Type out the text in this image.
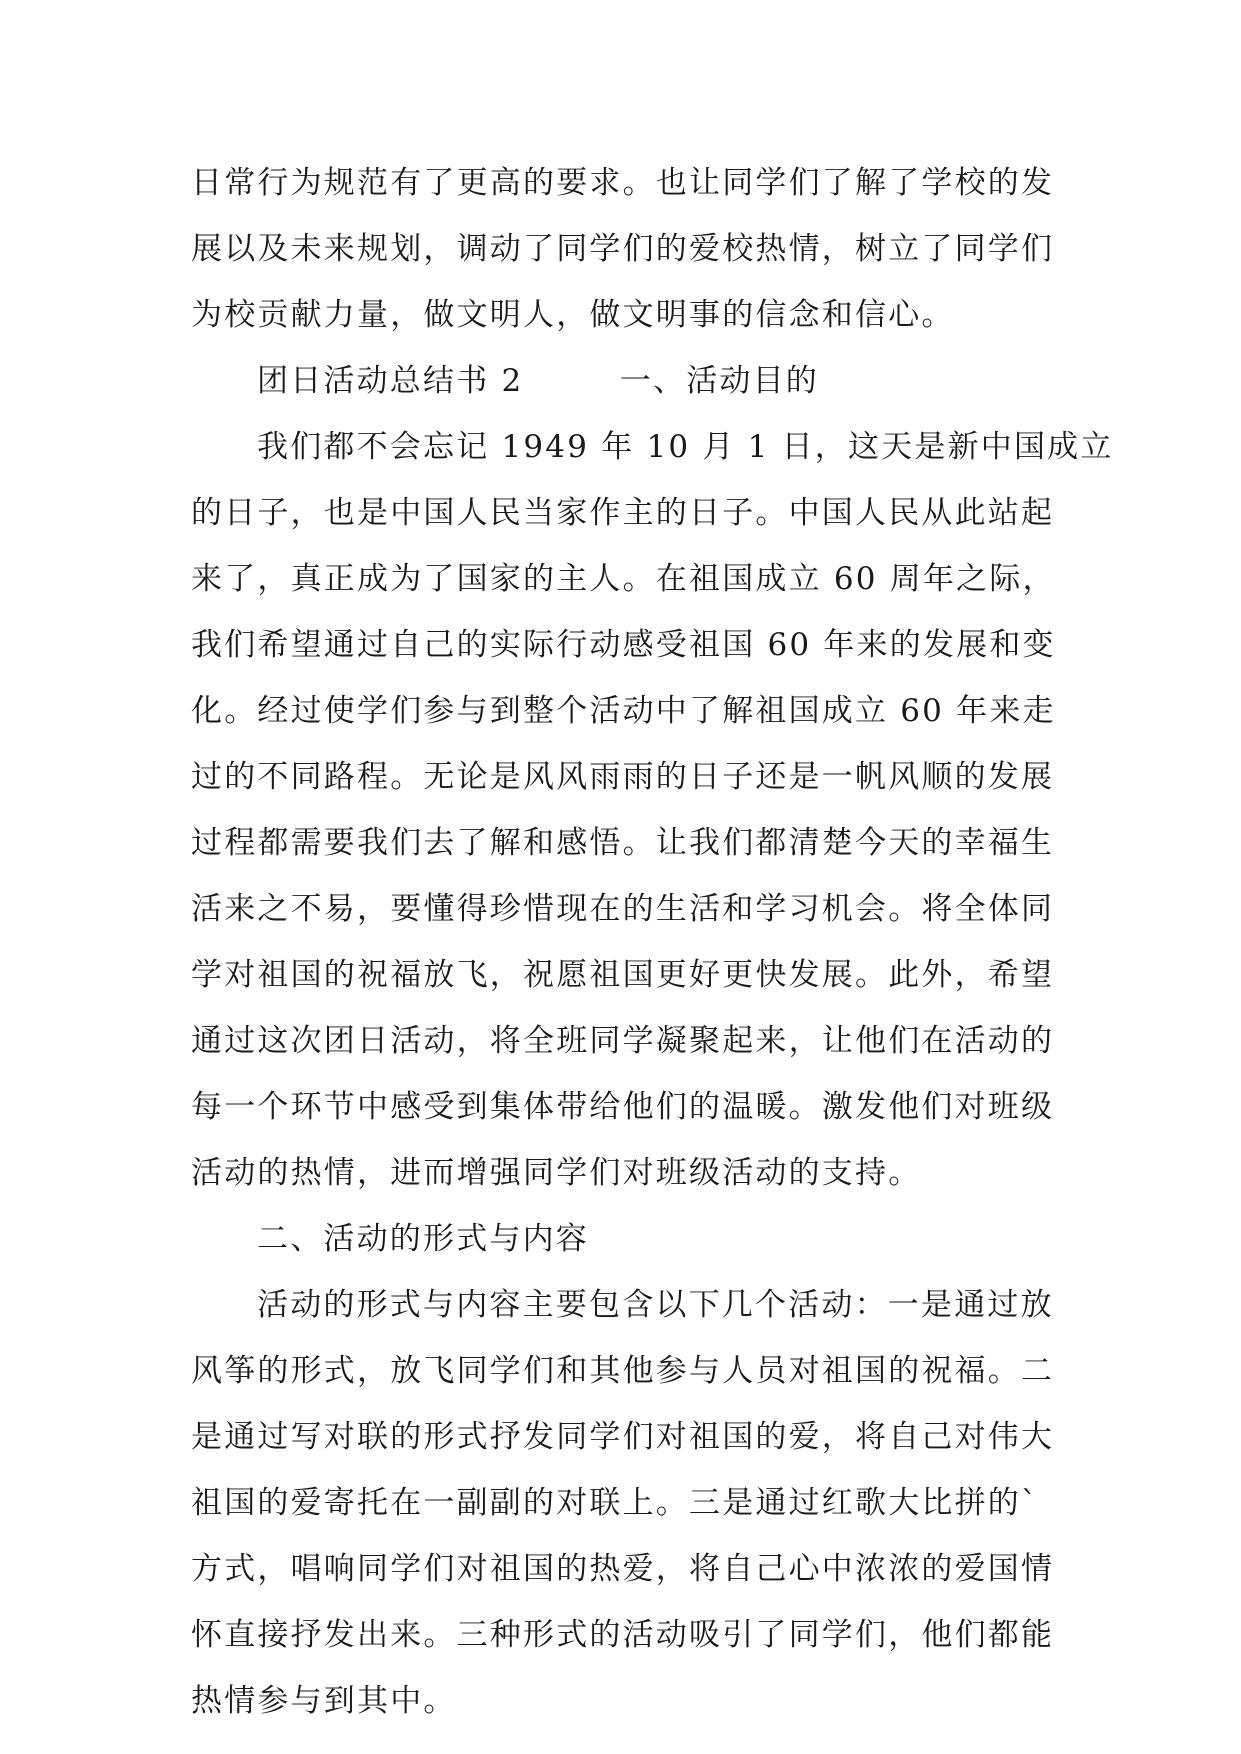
日常行为规范有了更高的要求。也让同学们了解了学校的发
展以及未来规划，调动了同学们的爱校热情，树立了同学们
为校贡献力量，做文明人，做文明事的信念和信心。
团日活动总结书 2        一、活动目的
我们都不会忘记 1949 年 10 月 1 日，这天是新中国成立
的日子，也是中国人民当家作主的日子。中国人民从此站起
来了，真正成为了国家的主人。在祖国成立 60 周年之际，
我们希望通过自己的实际行动感受祖国 60 年来的发展和变
化。经过使学们参与到整个活动中了解祖国成立 60 年来走
过的不同路程。无论是风风雨雨的日子还是一帆风顺的发展
过程都需要我们去了解和感悟。让我们都清楚今天的幸福生
活来之不易，要懂得珍惜现在的生活和学习机会。将全体同
学对祖国的祝福放飞，祝愿祖国更好更快发展。此外，希望
通过这次团日活动，将全班同学凝聚起来，让他们在活动的
每一个环节中感受到集体带给他们的温暖。激发他们对班级
活动的热情，进而增强同学们对班级活动的支持。
二、活动的形式与内容
活动的形式与内容主要包含以下几个活动：一是通过放
风筝的形式，放飞同学们和其他参与人员对祖国的祝福。二
是通过写对联的形式抒发同学们对祖国的爱，将自己对伟大
祖国的爱寄托在一副副的对联上。三是通过红歌大比拼的`
方式，唱响同学们对祖国的热爱，将自己心中浓浓的爱国情
怀直接抒发出来。三种形式的活动吸引了同学们，他们都能
热情参与到其中。
